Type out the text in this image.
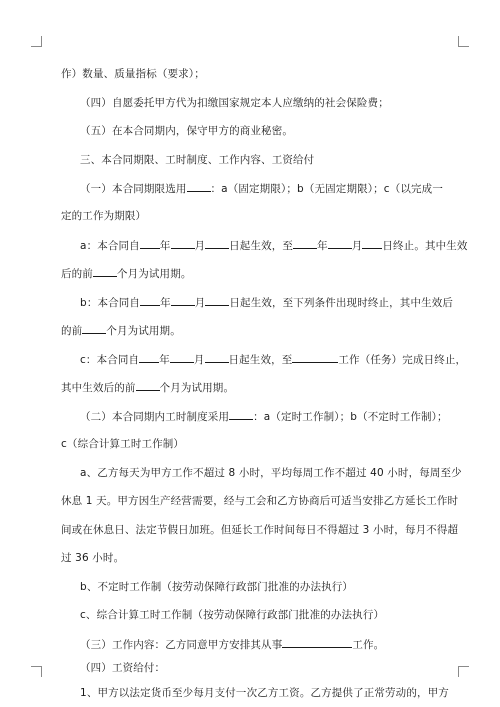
作）数量、质量指标（要求）；
（四）自愿委托甲方代为扣缴国家规定本人应缴纳的社会保险费；
（五）在本合同期内，保守甲方的商业秘密。
三、本合同期限、工时制度、工作内容、工资给付
（一）本合同期限选用 ：a（固定期限）；b（无固定期限）；c（以完成一
定的工作为期限）
a：本合同自 年 月 日起生效，至 年 月 日终止。其中生效
后的前 个月为试用期。
b：本合同自 年 月 日起生效，至下列条件出现时终止，其中生效后
的前 个月为试用期。
c：本合同自 年 月 日起生效，至	工作（任务）完成日终止，
其中生效后的前 个月为试用期。
（二）本合同期内工时制度采用 ：a（定时工作制）；b（不定时工作制）；
c（综合计算工时工作制）
a、乙方每天为甲方工作不超过 8 小时，平均每周工作不超过 40 小时，每周至少
休息 1 天。甲方因生产经营需要，经与工会和乙方协商后可适当安排乙方延长工作时
间或在休息日、法定节假日加班。但延长工作时间每日不得超过 3 小时，每月不得超
过 36 小时。
b、不定时工作制（按劳动保障行政部门批准的办法执行）
c、综合计算工时工作制（按劳动保障行政部门批准的办法执行）
（三）工作内容：乙方同意甲方安排其从事	工作。
（四）工资给付：
1、甲方以法定货币至少每月支付一次乙方工资。乙方提供了正常劳动的，甲方
